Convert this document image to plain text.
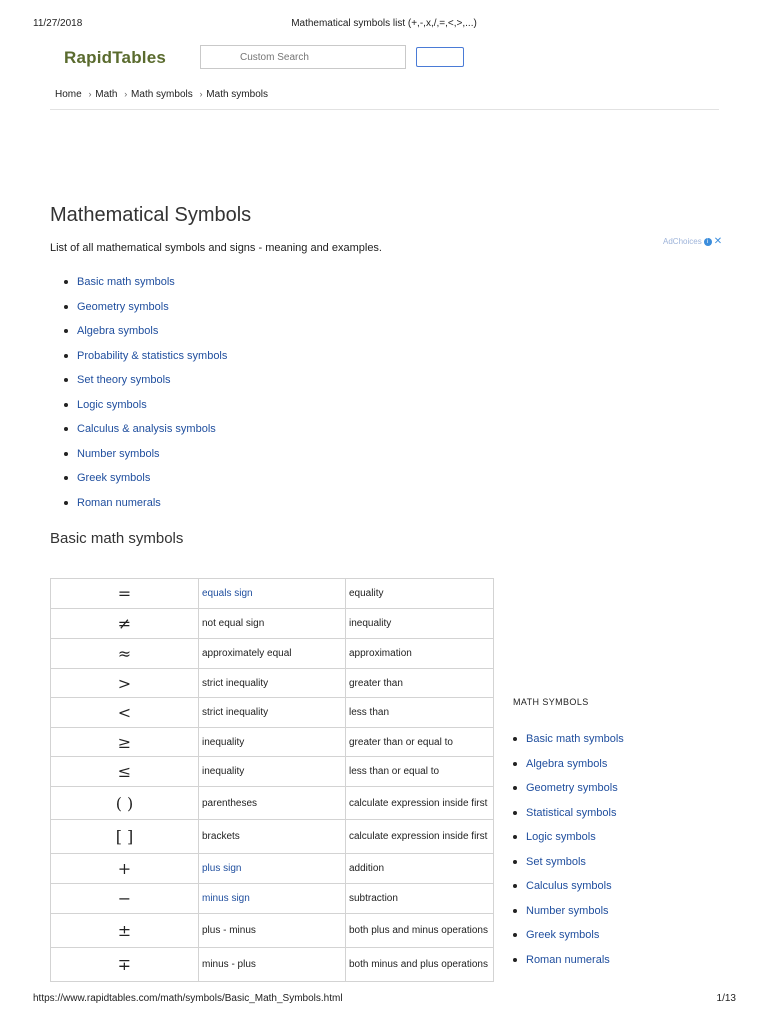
11/27/2018	Mathematical symbols list (+,-,x,/,=,<,>,...)
https://www.rapidtables.com/math/symbols/Basic_Math_Symbols.html	1/13
RapidTables
Custom Search
Home › Math › Math symbols › Math symbols
Mathematical Symbols

List of all mathematical symbols and signs - meaning and examples.

AdChoices i ✕
Basic math symbols
Geometry symbols
Algebra symbols
Probability & statistics symbols
Set theory symbols
Logic symbols
Calculus & analysis symbols
Number symbols
Greek symbols
Roman numerals
Basic math symbols
=	equals sign	equality
≠	not equal sign	inequality
≈	approximately equal	approximation
>	strict inequality	greater than
<	strict inequality	less than
≥	inequality	greater than or equal to
≤	inequality	less than or equal to
( )	parentheses	calculate expression inside first
[ ]	brackets	calculate expression inside first
+	plus sign	addition
−	minus sign	subtraction
±	plus - minus	both plus and minus operations
∓	minus - plus	both minus and plus operations
MATH SYMBOLS
Basic math symbols
Algebra symbols
Geometry symbols
Statistical symbols
Logic symbols
Set symbols
Calculus symbols
Number symbols
Greek symbols
Roman numerals
